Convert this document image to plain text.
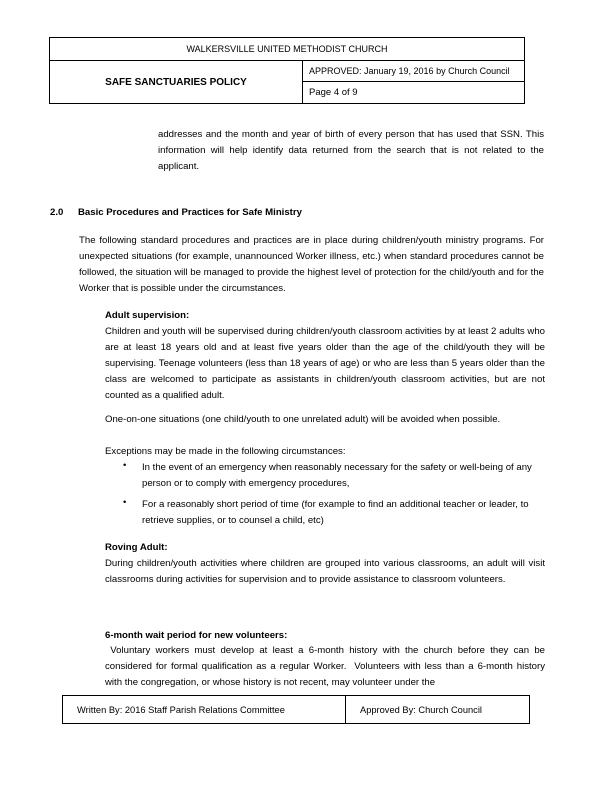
WALKERSVILLE UNITED METHODIST CHURCH
SAFE SANCTUARIES POLICY
APPROVED: January 19, 2016 by Church Council
Page 4 of 9

addresses and the month and year of birth of every person that has used that SSN. This information will help identify data returned from the search that is not related to the applicant.

2.0 Basic Procedures and Practices for Safe Ministry

The following standard procedures and practices are in place during children/youth ministry programs. For unexpected situations (for example, unannounced Worker illness, etc.) when standard procedures cannot be followed, the situation will be managed to provide the highest level of protection for the child/youth and for the Worker that is possible under the circumstances.

Adult supervision:

Children and youth will be supervised during children/youth classroom activities by at least 2 adults who are at least 18 years old and at least five years older than the age of the child/youth they will be supervising. Teenage volunteers (less than 18 years of age) or who are less than 5 years older than the class are welcomed to participate as assistants in children/youth classroom activities, but are not counted as a qualified adult.

One-on-one situations (one child/youth to one unrelated adult) will be avoided when possible.
Exceptions may be made in the following circumstances:
• In the event of an emergency when reasonably necessary for the safety or well-being of any person or to comply with emergency procedures,
• For a reasonably short period of time (for example to find an additional teacher or leader, to retrieve supplies, or to counsel a child, etc)
Roving Adult:

During children/youth activities where children are grouped into various classrooms, an adult will visit classrooms during activities for supervision and to provide assistance to classroom volunteers.

6-month wait period for new volunteers:

Voluntary workers must develop at least a 6-month history with the church before they can be considered for formal qualification as a regular Worker.  Volunteers with less than a 6-month history with the congregation, or whose history is not recent, may volunteer under the

Written By: 2016 Staff Parish Relations Committee	Approved By: Church Council
